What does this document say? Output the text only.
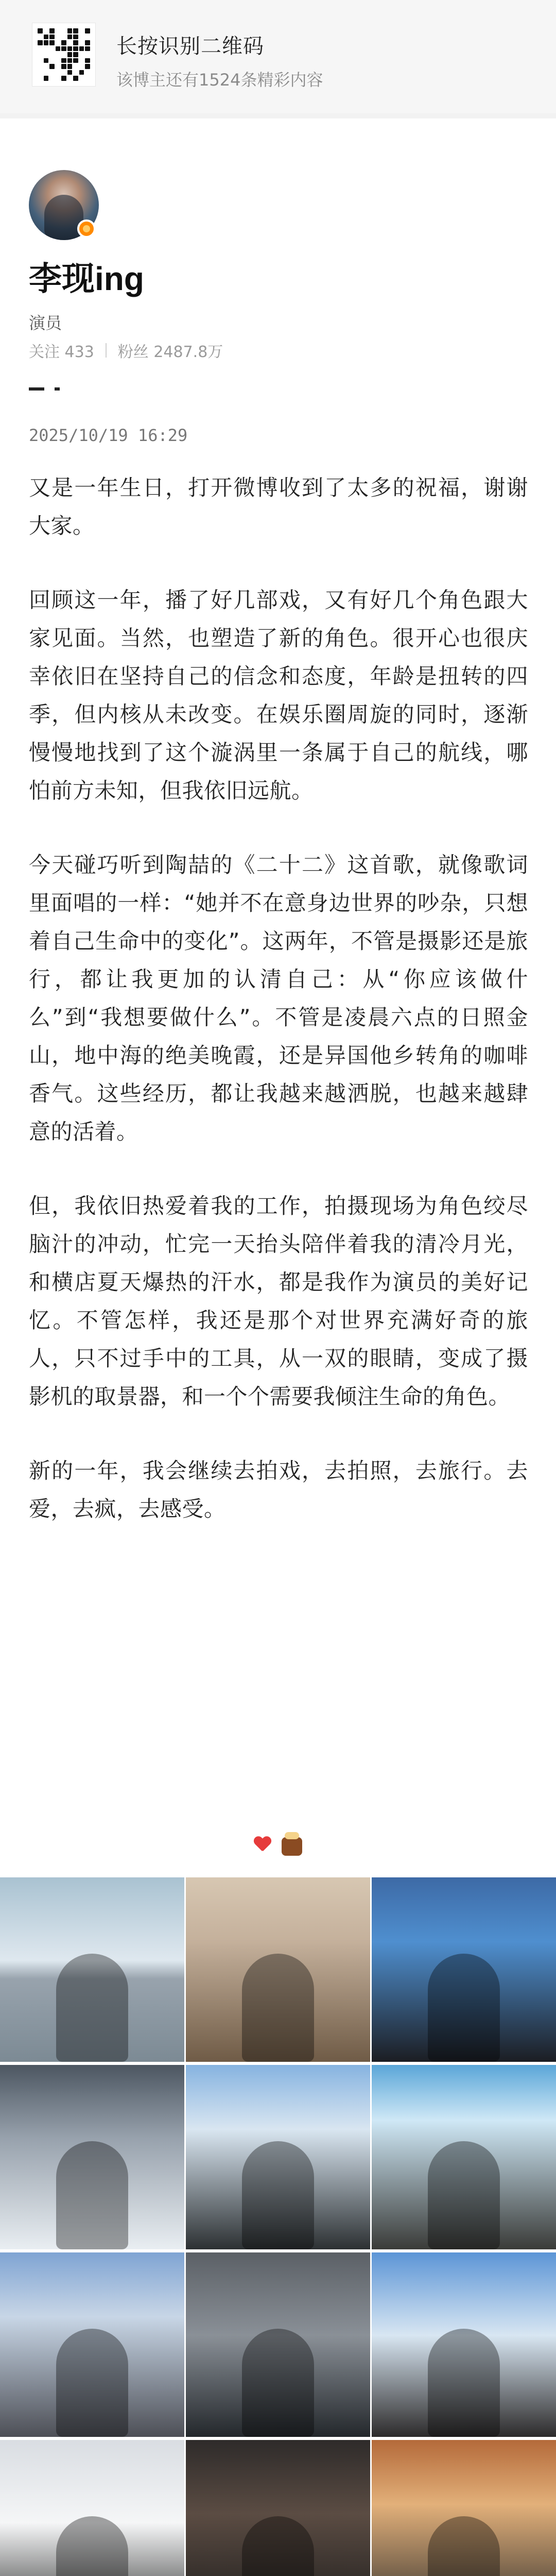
长按识别二维码
该博主还有1524条精彩内容
李现ing
演员
关注 433 粉丝 2487.8万
2025/10/19 16:29

又是一年生日，打开微博收到了太多的祝福，谢谢大家。

回顾这一年，播了好几部戏，又有好几个角色跟大家见面。当然，也塑造了新的角色。很开心也很庆幸依旧在坚持自己的信念和态度，年龄是扭转的四季，但内核从未改变。在娱乐圈周旋的同时，逐渐慢慢地找到了这个漩涡里一条属于自己的航线，哪怕前方未知，但我依旧远航。

今天碰巧听到陶喆的《二十二》这首歌，就像歌词里面唱的一样：“她并不在意身边世界的吵杂，只想着自己生命中的变化”。这两年，不管是摄影还是旅行，都让我更加的认清自己：从“你应该做什么”到“我想要做什么”。不管是凌晨六点的日照金山，地中海的绝美晚霞，还是异国他乡转角的咖啡香气。这些经历，都让我越来越洒脱，也越来越肆意的活着。

但，我依旧热爱着我的工作，拍摄现场为角色绞尽脑汁的冲动，忙完一天抬头陪伴着我的清冷月光，和横店夏天爆热的汗水，都是我作为演员的美好记忆。不管怎样，我还是那个对世界充满好奇的旅人，只不过手中的工具，从一双的眼睛，变成了摄影机的取景器，和一个个需要我倾注生命的角色。

新的一年，我会继续去拍戏，去拍照，去旅行。去爱，去疯，去感受。
